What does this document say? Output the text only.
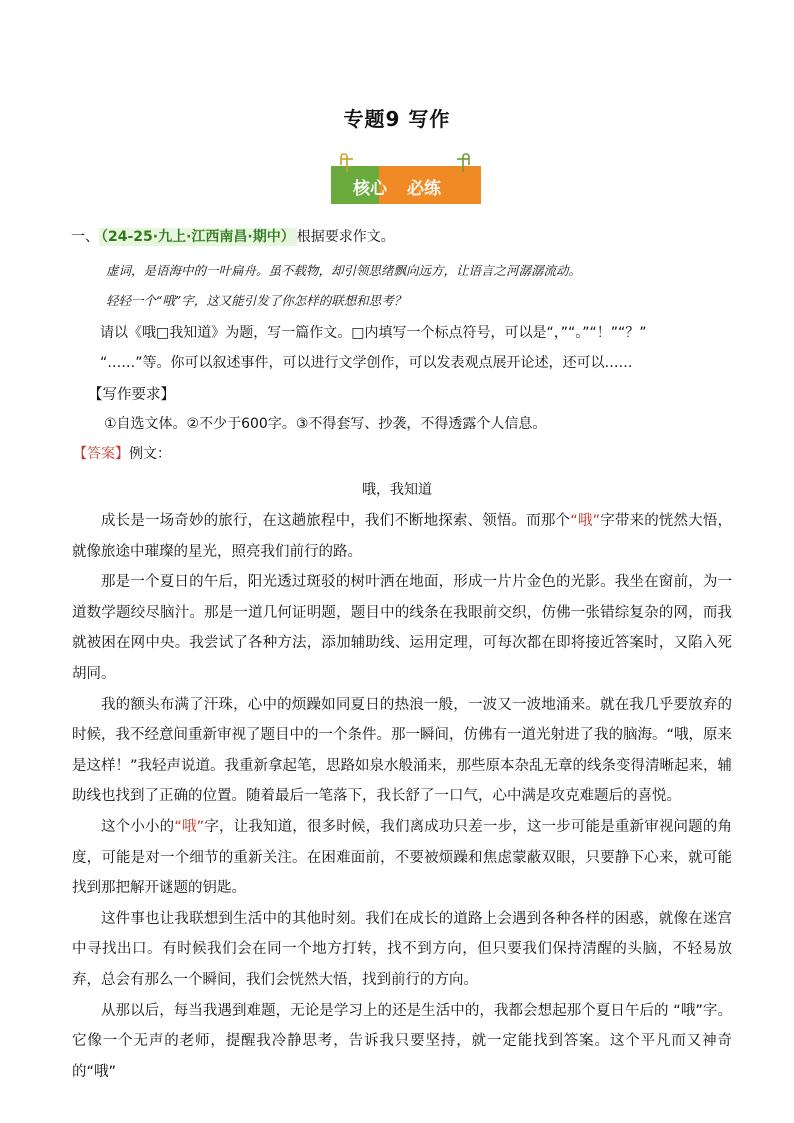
专题9 写作
核心 必练
一、 （24-25·九上·江西南昌·期中） 根据要求作文。
虚词，是语海中的一叶扁舟。虽不载物，却引领思绪飘向远方，让语言之河潺潺流动。
轻轻一个“哦”字，这又能引发了你怎样的联想和思考？
请以《哦□我知道》为题，写一篇作文。□内填写一个标点符号，可以是“，”“。”“！”“？”
“……”等。你可以叙述事件，可以进行文学创作，可以发表观点展开论述，还可以……
【写作要求】
①自选文体。②不少于600字。③不得套写、抄袭，不得透露个人信息。
【答案】例文：
哦，我知道

成长是一场奇妙的旅行，在这趟旅程中，我们不断地探索、领悟。而那个“哦”字带来的恍然大悟，就像旅途中璀璨的星光，照亮我们前行的路。

那是一个夏日的午后，阳光透过斑驳的树叶洒在地面，形成一片片金色的光影。我坐在窗前，为一道数学题绞尽脑汁。那是一道几何证明题，题目中的线条在我眼前交织，仿佛一张错综复杂的网，而我就被困在网中央。我尝试了各种方法，添加辅助线、运用定理，可每次都在即将接近答案时，又陷入死胡同。

我的额头布满了汗珠，心中的烦躁如同夏日的热浪一般，一波又一波地涌来。就在我几乎要放弃的时候，我不经意间重新审视了题目中的一个条件。那一瞬间，仿佛有一道光射进了我的脑海。“哦，原来是这样！”我轻声说道。我重新拿起笔，思路如泉水般涌来，那些原本杂乱无章的线条变得清晰起来，辅助线也找到了正确的位置。随着最后一笔落下，我长舒了一口气，心中满是攻克难题后的喜悦。

这个小小的“哦”字，让我知道，很多时候，我们离成功只差一步，这一步可能是重新审视问题的角度，可能是对一个细节的重新关注。在困难面前，不要被烦躁和焦虑蒙蔽双眼，只要静下心来，就可能找到那把解开谜题的钥匙。

这件事也让我联想到生活中的其他时刻。我们在成长的道路上会遇到各种各样的困惑，就像在迷宫中寻找出口。有时候我们会在同一个地方打转，找不到方向，但只要我们保持清醒的头脑，不轻易放弃，总会有那么一个瞬间，我们会恍然大悟，找到前行的方向。

从那以后，每当我遇到难题，无论是学习上的还是生活中的，我都会想起那个夏日午后的 “哦”字。它像一个无声的老师，提醒我冷静思考，告诉我只要坚持，就一定能找到答案。这个平凡而又神奇的“哦”
